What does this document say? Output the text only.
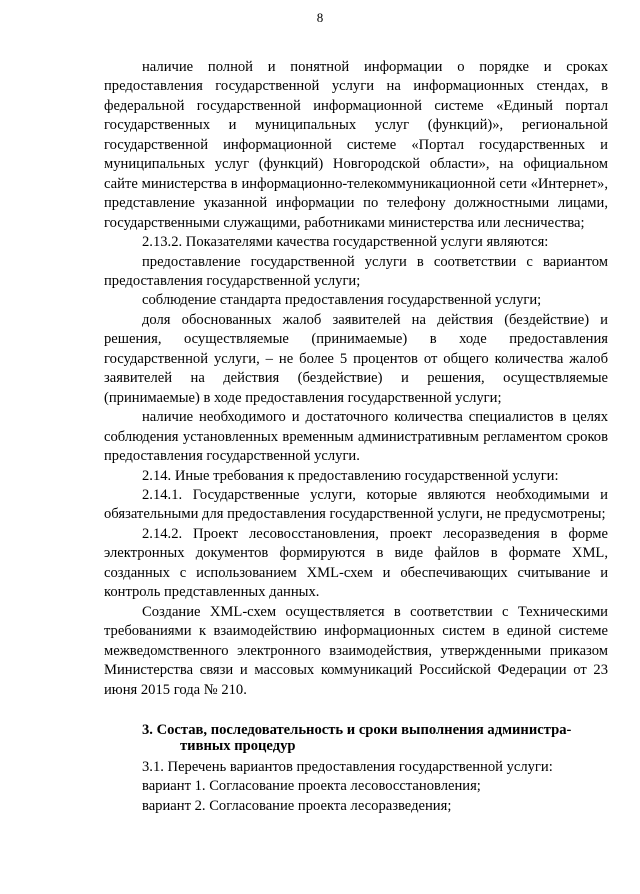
8

наличие полной и понятной информации о порядке и сроках предоставления государственной услуги на информационных стендах, в федеральной государственной информационной системе «Единый портал государственных и муниципальных услуг (функций)», региональной государственной информационной системе «Портал государственных и муниципальных услуг (функций) Новгородской области», на официальном сайте министерства в информационно-телекоммуникационной сети «Интернет», представление указанной информации по телефону должностными лицами, государственными служащими, работниками министерства или лесничества;

2.13.2. Показателями качества государственной услуги являются:

предоставление государственной услуги в соответствии с вариантом предоставления государственной услуги;

соблюдение стандарта предоставления государственной услуги;

доля обоснованных жалоб заявителей на действия (бездействие) и решения, осуществляемые (принимаемые) в ходе предоставления государственной услуги, – не более 5 процентов от общего количества жалоб заявителей на действия (бездействие) и решения, осуществляемые (принимаемые) в ходе предоставления государственной услуги;

наличие необходимого и достаточного количества специалистов в целях соблюдения установленных временным административным регламентом сроков предоставления государственной услуги.

2.14. Иные требования к предоставлению государственной услуги:

2.14.1. Государственные услуги, которые являются необходимыми и обязательными для предоставления государственной услуги, не предусмотрены;

2.14.2. Проект лесовосстановления, проект лесоразведения в форме электронных документов формируются в виде файлов в формате XML, созданных с использованием XML-схем и обеспечивающих считывание и контроль представленных данных.

Создание XML-схем осуществляется в соответствии с Техническими требованиями к взаимодействию информационных систем в единой системе межведомственного электронного взаимодействия, утвержденными приказом Министерства связи и массовых коммуникаций Российской Федерации от 23 июня 2015 года № 210.

3. Состав, последовательность и сроки выполнения администра-
тивных процедур

3.1. Перечень вариантов предоставления государственной услуги:

вариант 1. Согласование проекта лесовосстановления;

вариант 2. Согласование проекта лесоразведения;
